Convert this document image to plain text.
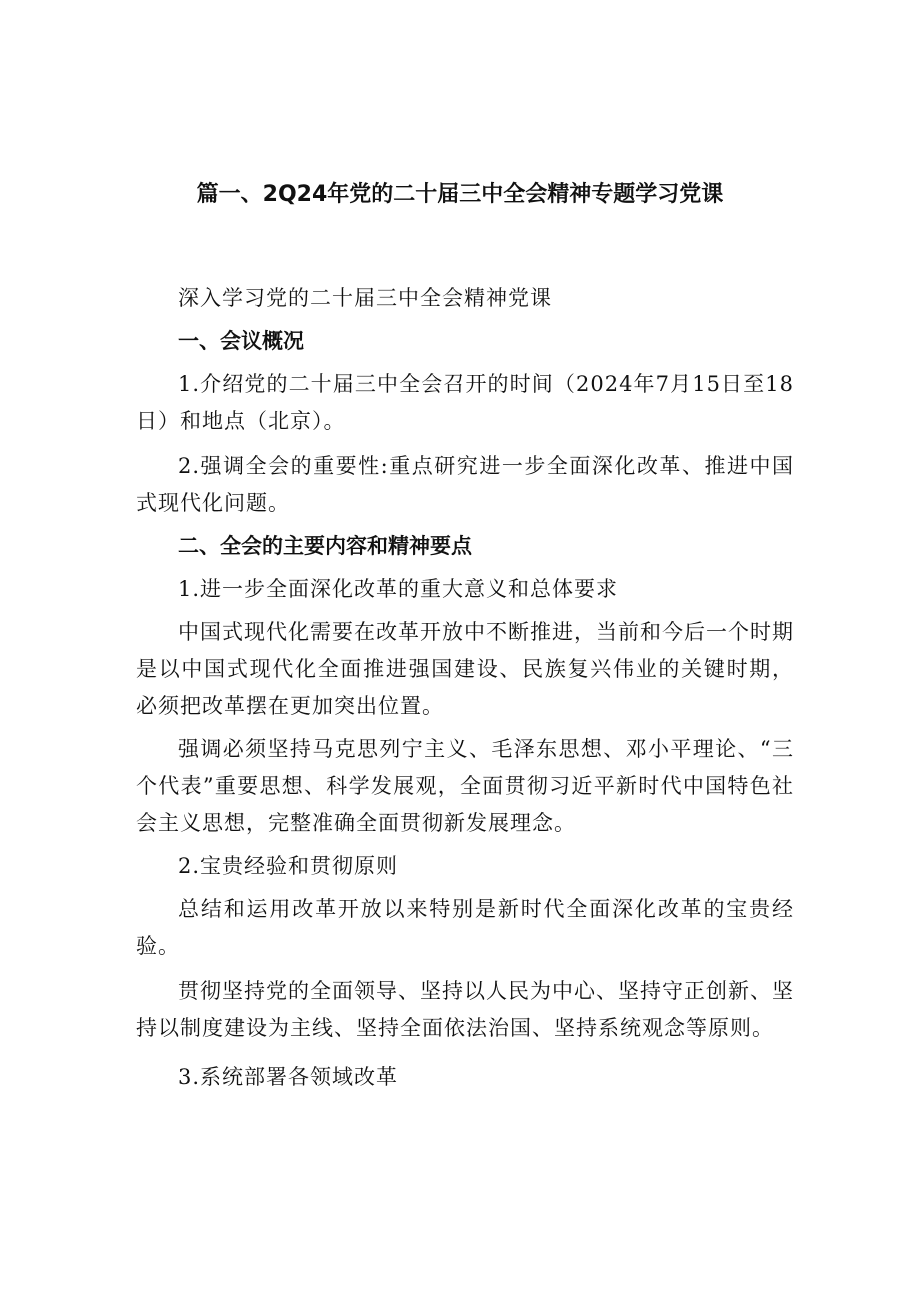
篇一、2Q24年党的二十届三中全会精神专题学习党课

深入学习党的二十届三中全会精神党课

一、会议概况

1.介绍党的二十届三中全会召开的时间（2024年7月15日至18日）和地点（北京）。

2.强调全会的重要性:重点研究进一步全面深化改革、推进中国式现代化问题。

二、全会的主要内容和精神要点

1.进一步全面深化改革的重大意义和总体要求

中国式现代化需要在改革开放中不断推进，当前和今后一个时期是以中国式现代化全面推进强国建设、民族复兴伟业的关键时期，必须把改革摆在更加突出位置。

强调必须坚持马克思列宁主义、毛泽东思想、邓小平理论、“三个代表”重要思想、科学发展观，全面贯彻习近平新时代中国特色社会主义思想，完整准确全面贯彻新发展理念。

2.宝贵经验和贯彻原则

总结和运用改革开放以来特别是新时代全面深化改革的宝贵经验。

贯彻坚持党的全面领导、坚持以人民为中心、坚持守正创新、坚持以制度建设为主线、坚持全面依法治国、坚持系统观念等原则。

3.系统部署各领域改革
